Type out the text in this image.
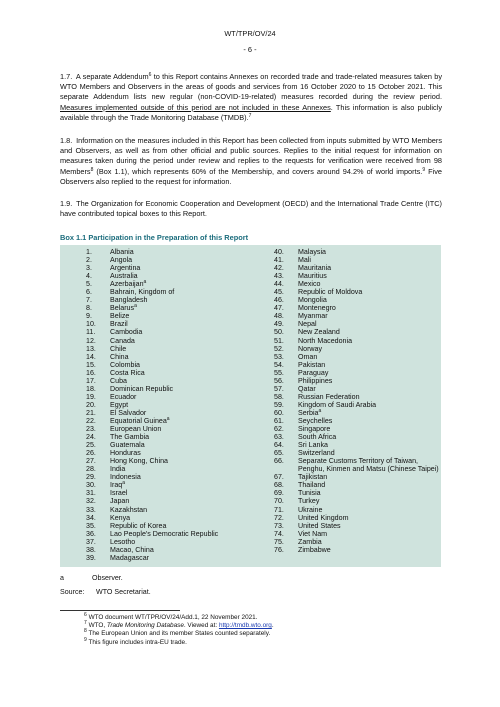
WT/TPR/OV/24
- 6 -

1.7. A separate Addendum$^6$ to this Report contains Annexes on recorded trade and trade-related measures taken by WTO Members and Observers in the areas of goods and services from 16 October 2020 to 15 October 2021. This separate Addendum lists new regular (non-COVID-19-related) measures recorded during the review period. Measures implemented outside of this period are not included in these Annexes. This information is also publicly available through the Trade Monitoring Database (TMDB).$^7$

1.8. Information on the measures included in this Report has been collected from inputs submitted by WTO Members and Observers, as well as from other official and public sources. Replies to the initial request for information on measures taken during the period under review and replies to the requests for verification were received from 98 Members$^8$ (Box 1.1), which represents 60% of the Membership, and covers around 94.2% of world imports.$^9$ Five Observers also replied to the request for information.

1.9. The Organization for Economic Cooperation and Development (OECD) and the International Trade Centre (ITC) have contributed topical boxes to this Report.

Box 1.1 Participation in the Preparation of this Report
1.	Albania
2.	Angola
3.	Argentina
4.	Australia
5.	Azerbaijan$^a$
6.	Bahrain, Kingdom of
7.	Bangladesh
8.	Belarus$^a$
9.	Belize
10.	Brazil
11.	Cambodia
12.	Canada
13.	Chile
14.	China
15.	Colombia
16.	Costa Rica
17.	Cuba
18.	Dominican Republic
19.	Ecuador
20.	Egypt
21.	El Salvador
22.	Equatorial Guinea$^a$
23.	European Union
24.	The Gambia
25.	Guatemala
26.	Honduras
27.	Hong Kong, China
28.	India
29.	Indonesia
30.	Iraq$^a$
31.	Israel
32.	Japan
33.	Kazakhstan
34.	Kenya
35.	Republic of Korea
36.	Lao People's Democratic Republic
37.	Lesotho
38.	Macao, China
39.	Madagascar
40.	Malaysia
41.	Mali
42.	Mauritania
43.	Mauritius
44.	Mexico
45.	Republic of Moldova
46.	Mongolia
47.	Montenegro
48.	Myanmar
49.	Nepal
50.	New Zealand
51.	North Macedonia
52.	Norway
53.	Oman
54.	Pakistan
55.	Paraguay
56.	Philippines
57.	Qatar
58.	Russian Federation
59.	Kingdom of Saudi Arabia
60.	Serbia$^a$
61.	Seychelles
62.	Singapore
63.	South Africa
64.	Sri Lanka
65.	Switzerland
66.	Separate Customs Territory of Taiwan, Penghu, Kinmen and Matsu (Chinese Taipei)
67.	Tajikistan
68.	Thailand
69.	Tunisia
70.	Turkey
71.	Ukraine
72.	United Kingdom
73.	United States
74.	Viet Nam
75.	Zambia
76.	Zimbabwe
a	Observer.
Source: WTO Secretariat.
$^6$ WTO document WT/TPR/OV/24/Add.1, 22 November 2021.
$^7$ WTO, Trade Monitoring Database. Viewed at: http://tmdb.wto.org.
$^8$ The European Union and its member States counted separately.
$^9$ This figure includes intra-EU trade.
